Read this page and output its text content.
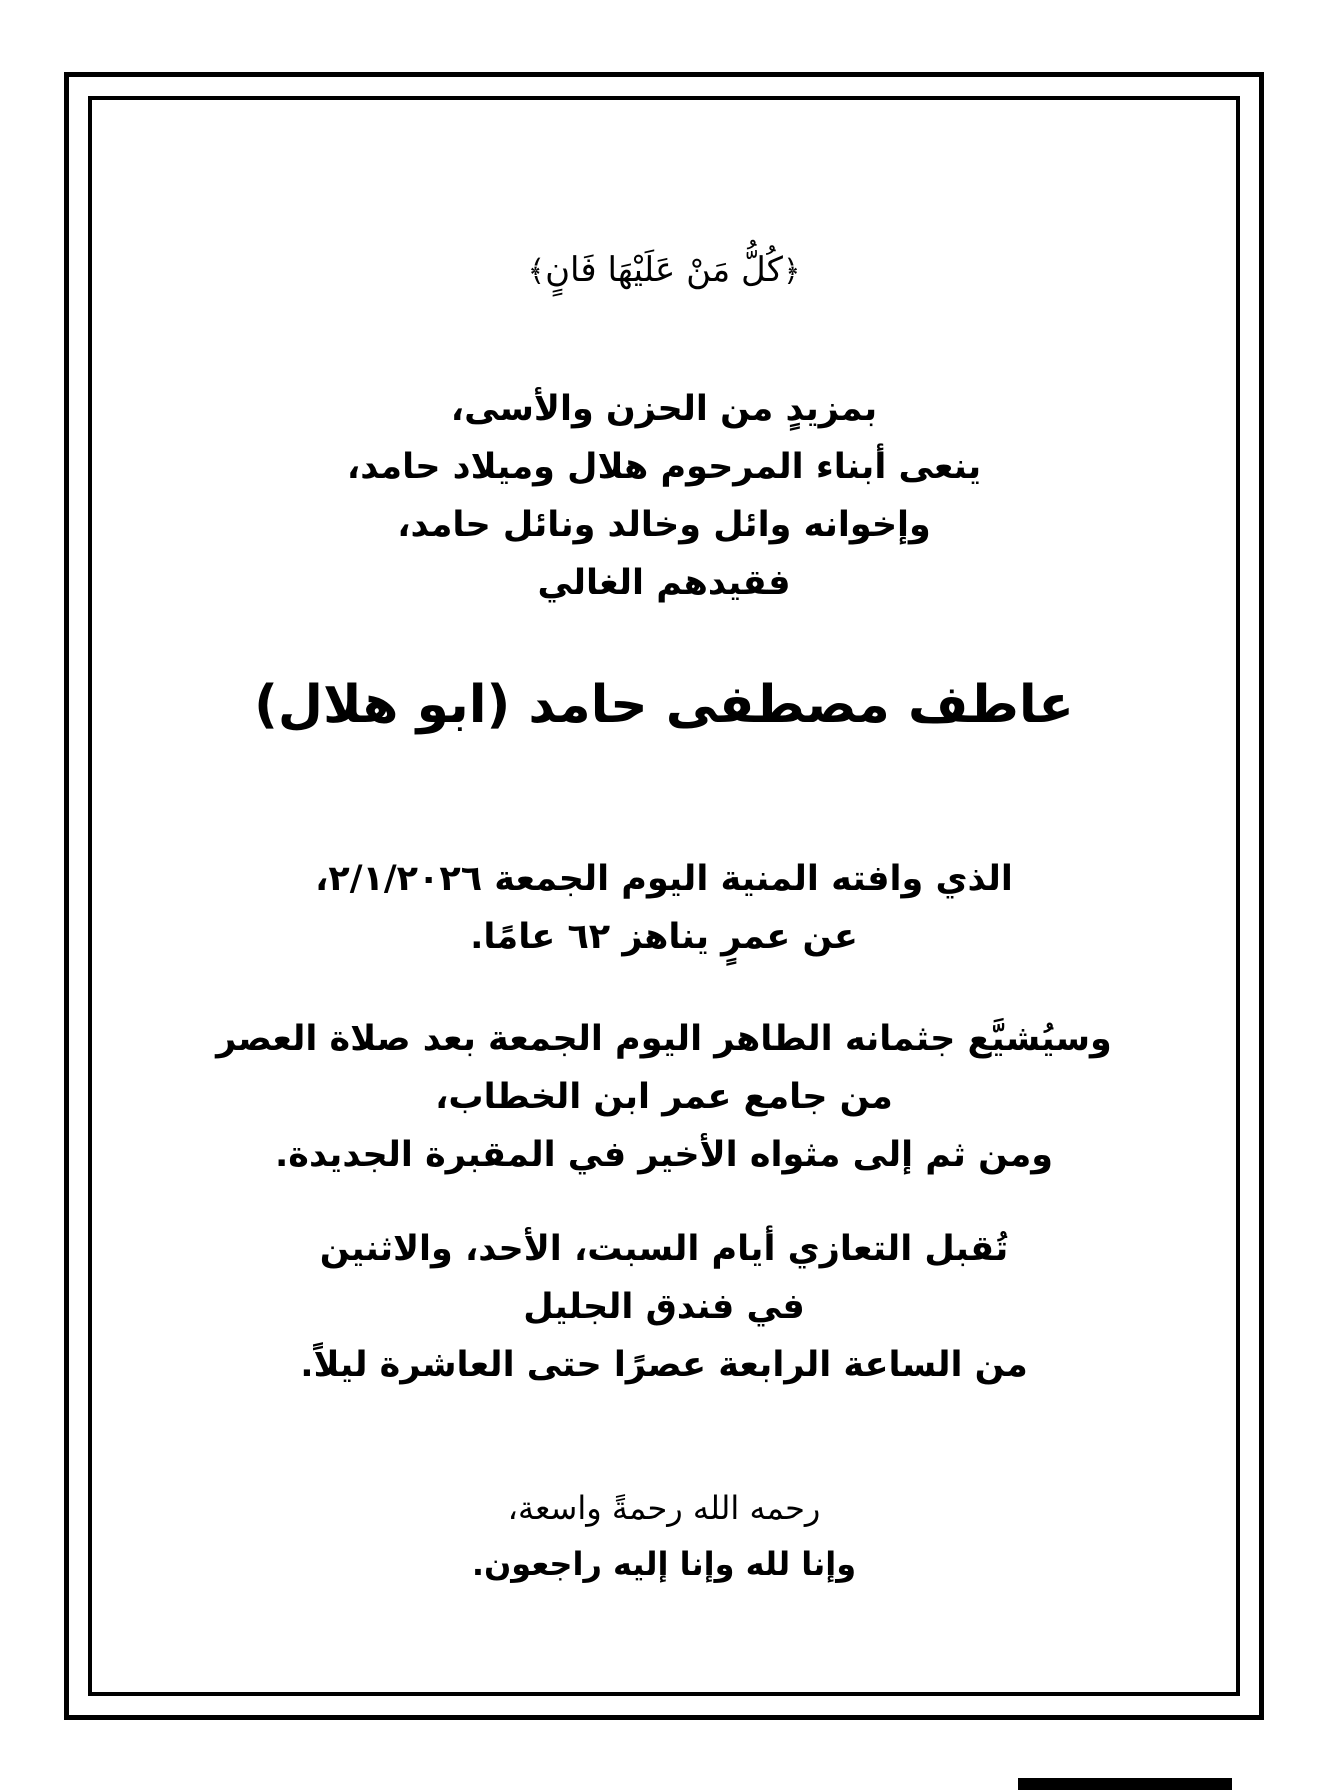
﴿كُلُّ مَنْ عَلَيْهَا فَانٍ﴾
بمزيدٍ من الحزن والأسى،
ينعى أبناء المرحوم هلال وميلاد حامد،
وإخوانه وائل وخالد ونائل حامد،
فقيدهم الغالي
عاطف مصطفى حامد (ابو هلال)
الذي وافته المنية اليوم الجمعة ٢/١/٢٠٢٦،
عن عمرٍ يناهز ٦٢ عامًا.
وسيُشيَّع جثمانه الطاهر اليوم الجمعة بعد صلاة العصر
من جامع عمر ابن الخطاب،
ومن ثم إلى مثواه الأخير في المقبرة الجديدة.
تُقبل التعازي أيام السبت، الأحد، والاثنين
في فندق الجليل
من الساعة الرابعة عصرًا حتى العاشرة ليلاً.
رحمه الله رحمةً واسعة،
وإنا لله وإنا إليه راجعون.
